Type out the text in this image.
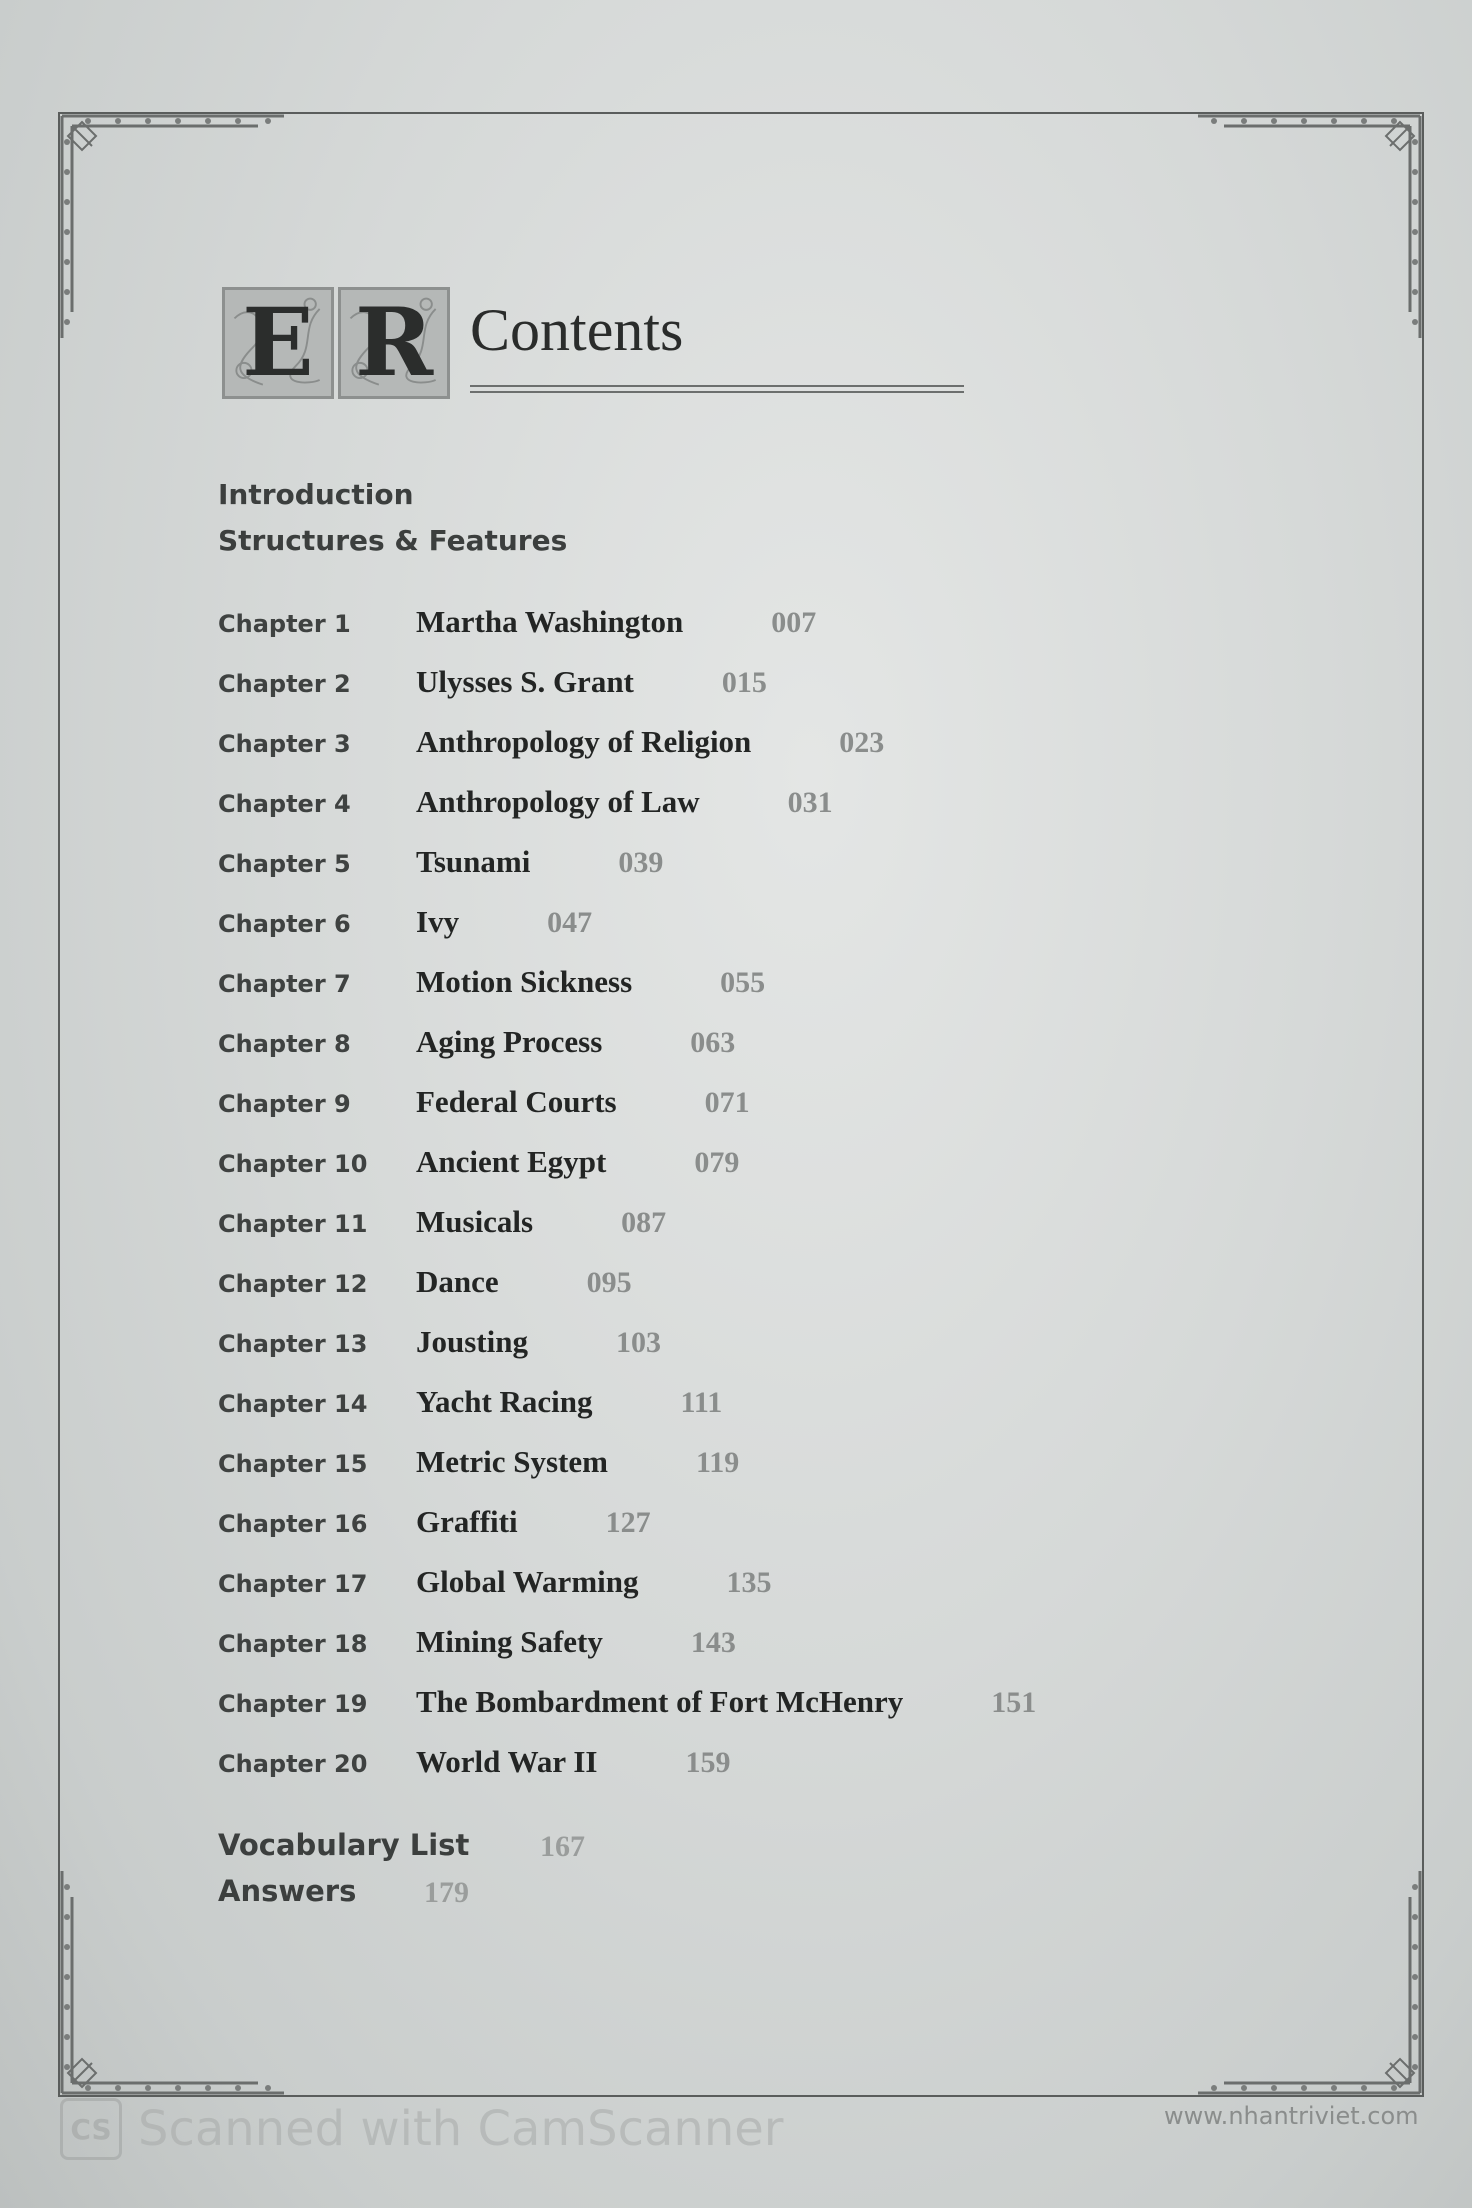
E R Contents
Introduction
Structures & Features
Chapter 1	Martha Washington	007
Chapter 2	Ulysses S. Grant	015
Chapter 3	Anthropology of Religion	023
Chapter 4	Anthropology of Law	031
Chapter 5	Tsunami	039
Chapter 6	Ivy	047
Chapter 7	Motion Sickness	055
Chapter 8	Aging Process	063
Chapter 9	Federal Courts	071
Chapter 10	Ancient Egypt	079
Chapter 11	Musicals	087
Chapter 12	Dance	095
Chapter 13	Jousting	103
Chapter 14	Yacht Racing	111
Chapter 15	Metric System	119
Chapter 16	Graffiti	127
Chapter 17	Global Warming	135
Chapter 18	Mining Safety	143
Chapter 19	The Bombardment of Fort McHenry	151
Chapter 20	World War II	159
Vocabulary List 167
Answers 179
CS Scanned with CamScanner	www.nhantriviet.com
